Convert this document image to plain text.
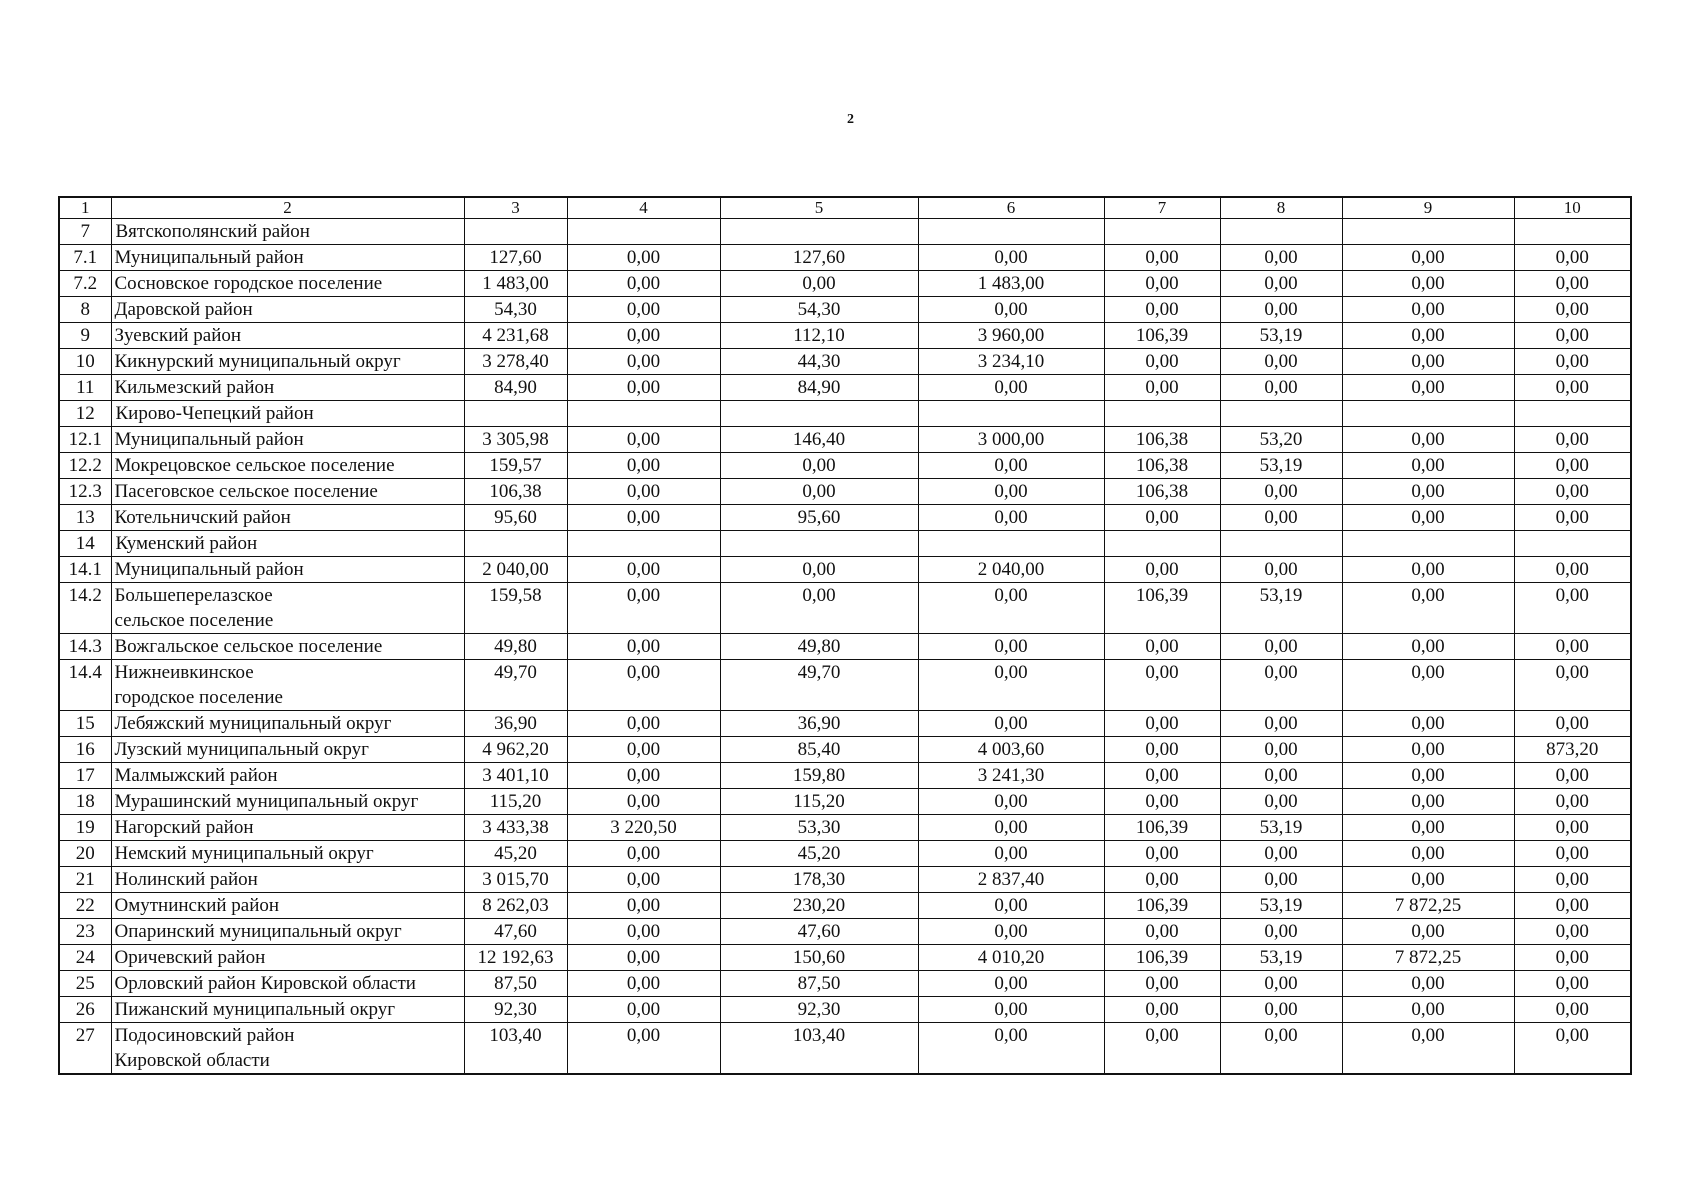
2
1	2	3	4	5	6	7	8	9	10
7	Вятскополянский район								

7.1	Муниципальный район	127,60	0,00	127,60	0,00	0,00	0,00	0,00	0,00
7.2	Сосновское городское поселение	1 483,00	0,00	0,00	1 483,00	0,00	0,00	0,00	0,00
8	Даровской район	54,30	0,00	54,30	0,00	0,00	0,00	0,00	0,00
9	Зуевский район	4 231,68	0,00	112,10	3 960,00	106,39	53,19	0,00	0,00
10	Кикнурский муниципальный округ	3 278,40	0,00	44,30	3 234,10	0,00	0,00	0,00	0,00
11	Кильмезский район	84,90	0,00	84,90	0,00	0,00	0,00	0,00	0,00
12	Кирово-Чепецкий район								

12.1	Муниципальный район	3 305,98	0,00	146,40	3 000,00	106,38	53,20	0,00	0,00
12.2	Мокрецовское сельское поселение	159,57	0,00	0,00	0,00	106,38	53,19	0,00	0,00
12.3	Пасеговское сельское поселение	106,38	0,00	0,00	0,00	106,38	0,00	0,00	0,00
13	Котельничский район	95,60	0,00	95,60	0,00	0,00	0,00	0,00	0,00
14	Куменский район								

14.1	Муниципальный район	2 040,00	0,00	0,00	2 040,00	0,00	0,00	0,00	0,00
14.2	Большеперелазское
сельское поселение	159,58	0,00	0,00	0,00	106,39	53,19	0,00	0,00
14.3	Вожгальское сельское поселение	49,80	0,00	49,80	0,00	0,00	0,00	0,00	0,00
14.4	Нижнеивкинское
городское поселение	49,70	0,00	49,70	0,00	0,00	0,00	0,00	0,00
15	Лебяжский муниципальный округ	36,90	0,00	36,90	0,00	0,00	0,00	0,00	0,00
16	Лузский муниципальный округ	4 962,20	0,00	85,40	4 003,60	0,00	0,00	0,00	873,20
17	Малмыжский район	3 401,10	0,00	159,80	3 241,30	0,00	0,00	0,00	0,00
18	Мурашинский муниципальный округ	115,20	0,00	115,20	0,00	0,00	0,00	0,00	0,00
19	Нагорский район	3 433,38	3 220,50	53,30	0,00	106,39	53,19	0,00	0,00
20	Немский муниципальный округ	45,20	0,00	45,20	0,00	0,00	0,00	0,00	0,00
21	Нолинский район	3 015,70	0,00	178,30	2 837,40	0,00	0,00	0,00	0,00
22	Омутнинский район	8 262,03	0,00	230,20	0,00	106,39	53,19	7 872,25	0,00
23	Опаринский муниципальный округ	47,60	0,00	47,60	0,00	0,00	0,00	0,00	0,00
24	Оричевский район	12 192,63	0,00	150,60	4 010,20	106,39	53,19	7 872,25	0,00
25	Орловский район Кировской области	87,50	0,00	87,50	0,00	0,00	0,00	0,00	0,00
26	Пижанский муниципальный округ	92,30	0,00	92,30	0,00	0,00	0,00	0,00	0,00
27	Подосиновский район
Кировской области	103,40	0,00	103,40	0,00	0,00	0,00	0,00	0,00
